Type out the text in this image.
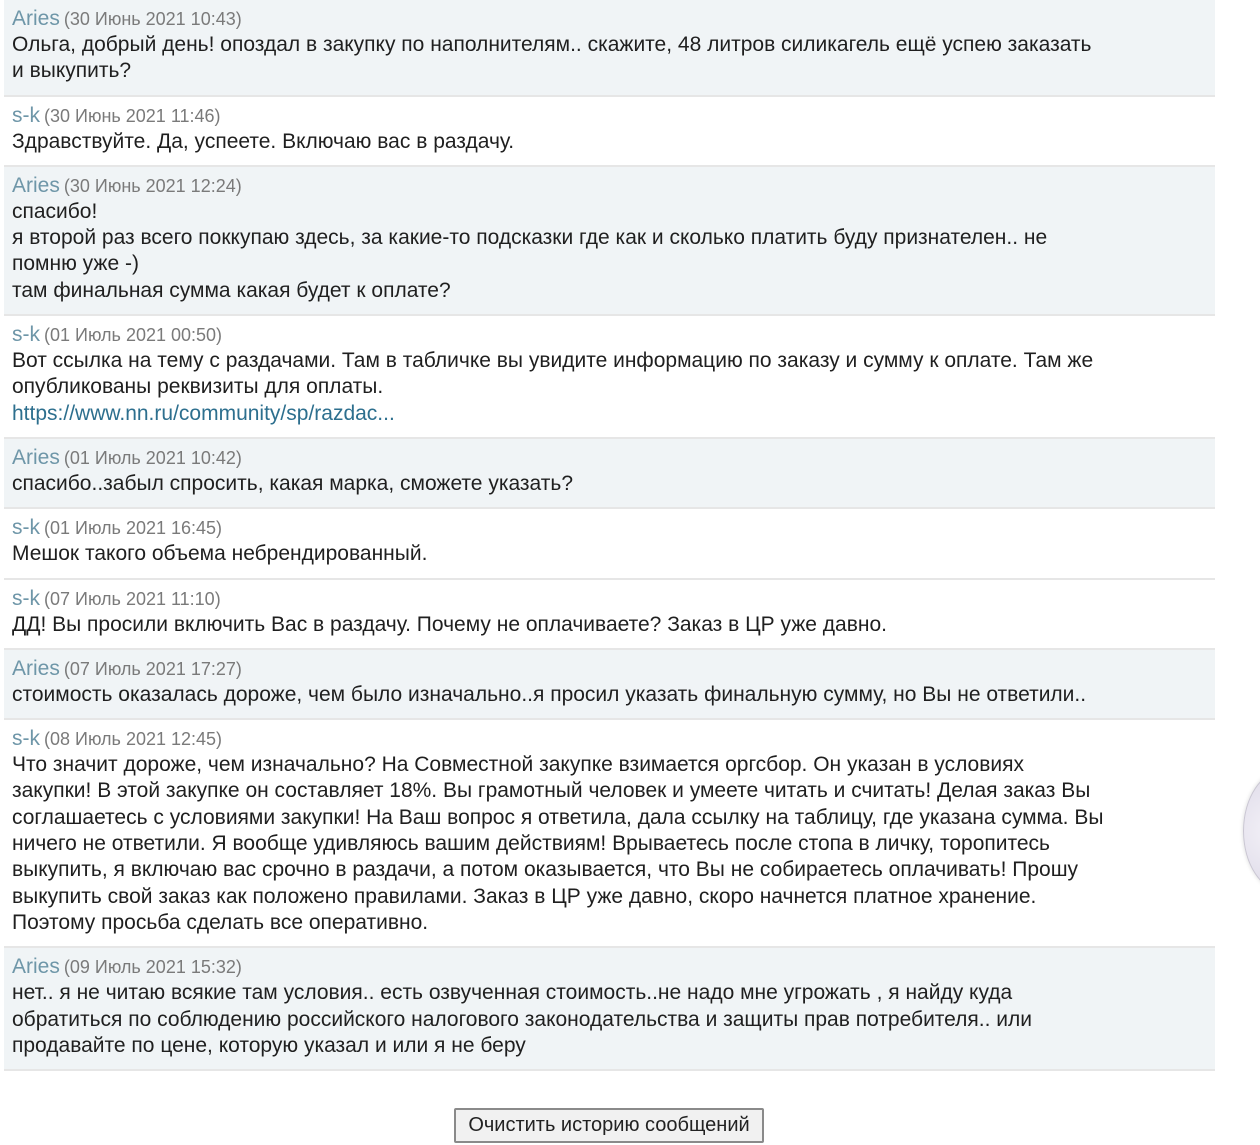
Aries (30 Июнь 2021 10:43)
Ольга, добрый день! опоздал в закупку по наполнителям.. скажите, 48 литров силикагель ещё успею заказать
и выкупить?
s-k (30 Июнь 2021 11:46)
Здравствуйте. Да, успеете. Включаю вас в раздачу.
Aries (30 Июнь 2021 12:24)
спасибо!
я второй раз всего поккупаю здесь, за какие-то подсказки где как и сколько платить буду признателен.. не
помню уже -)
там финальная сумма какая будет к оплате?
s-k (01 Июль 2021 00:50)
Вот ссылка на тему с раздачами. Там в табличке вы увидите информацию по заказу и сумму к оплате. Там же
опубликованы реквизиты для оплаты.
https://www.nn.ru/community/sp/razdac...
Aries (01 Июль 2021 10:42)
спасибо..забыл спросить, какая марка, сможете указать?
s-k (01 Июль 2021 16:45)
Мешок такого объема небрендированный.
s-k (07 Июль 2021 11:10)
ДД! Вы просили включить Вас в раздачу. Почему не оплачиваете? Заказ в ЦР уже давно.
Aries (07 Июль 2021 17:27)
стоимость оказалась дороже, чем было изначально..я просил указать финальную сумму, но Вы не ответили..
s-k (08 Июль 2021 12:45)
Что значит дороже, чем изначально? На Совместной закупке взимается оргсбор. Он указан в условиях
закупки! В этой закупке он составляет 18%. Вы грамотный человек и умеете читать и считать! Делая заказ Вы
соглашаетесь с условиями закупки! На Ваш вопрос я ответила, дала ссылку на таблицу, где указана сумма. Вы
ничего не ответили. Я вообще удивляюсь вашим действиям! Врываетесь после стопа в личку, торопитесь
выкупить, я включаю вас срочно в раздачи, а потом оказывается, что Вы не собираетесь оплачивать! Прошу
выкупить свой заказ как положено правилами. Заказ в ЦР уже давно, скоро начнется платное хранение.
Поэтому просьба сделать все оперативно.
Aries (09 Июль 2021 15:32)
нет.. я не читаю всякие там условия.. есть озвученная стоимость..не надо мне угрожать , я найду куда
обратиться по соблюдению российского налогового законодательства и защиты прав потребителя.. или
продавайте по цене, которую указал и или я не беру
Очистить историю сообщений
